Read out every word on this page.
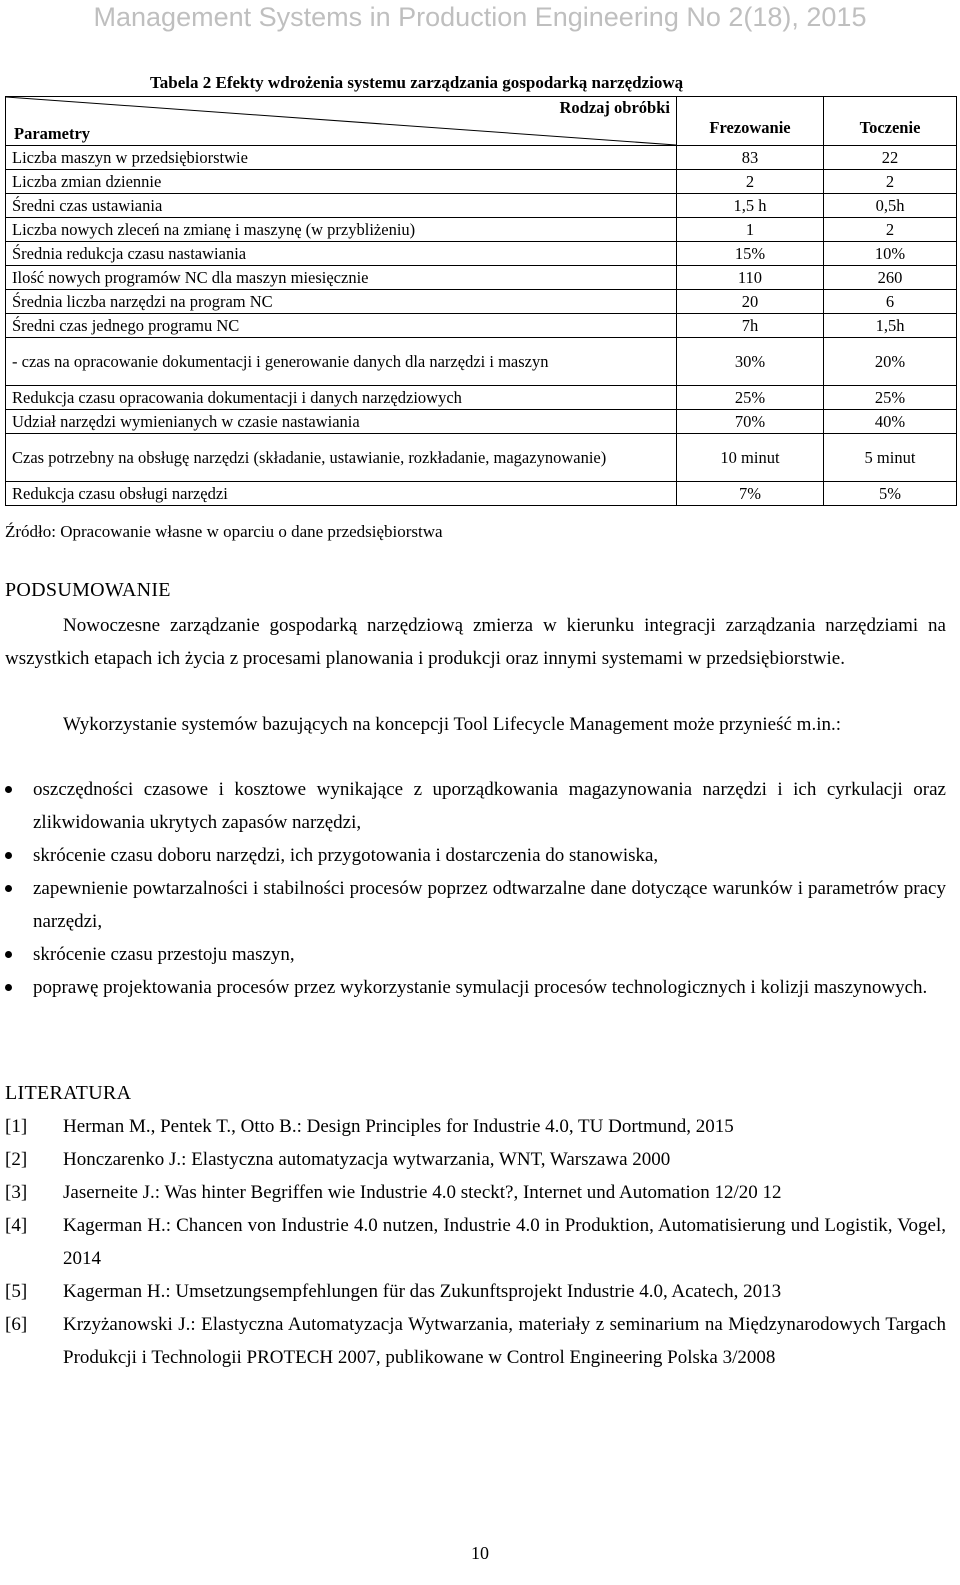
Management Systems in Production Engineering No 2(18), 2015
Tabela 2 Efekty wdrożenia systemu zarządzania gospodarką narzędziową
Rodzaj obróbki
Parametry	Frezowanie	Toczenie
Liczba maszyn w przedsiębiorstwie	83	22
Liczba zmian dziennie	2	2
Średni czas ustawiania	1,5 h	0,5h
Liczba nowych zleceń na zmianę i maszynę (w przybliżeniu)	1	2
Średnia redukcja czasu nastawiania	15%	10%
Ilość nowych programów NC dla maszyn miesięcznie	110	260
Średnia liczba narzędzi na program NC	20	6
Średni czas jednego programu NC	7h	1,5h
- czas na opracowanie dokumentacji i generowanie danych dla narzędzi i maszyn	30%	20%
Redukcja czasu opracowania dokumentacji i danych narzędziowych	25%	25%
Udział narzędzi wymienianych w czasie nastawiania	70%	40%
Czas potrzebny na obsługę narzędzi (składanie, ustawianie, rozkładanie, magazynowanie)	10 minut	5 minut
Redukcja czasu obsługi narzędzi	7%	5%
Źródło: Opracowanie własne w oparciu o dane przedsiębiorstwa
PODSUMOWANIE
Nowoczesne zarządzanie gospodarką narzędziową zmierza w kierunku integracji zarządzania narzędziami na wszystkich etapach ich życia z procesami planowania i produkcji oraz innymi systemami w przedsiębiorstwie.
Wykorzystanie systemów bazujących na koncepcji Tool Lifecycle Management może przynieść m.in.:
oszczędności czasowe i kosztowe wynikające z uporządkowania magazynowania narzędzi i ich cyrkulacji oraz zlikwidowania ukrytych zapasów narzędzi,
skrócenie czasu doboru narzędzi, ich przygotowania i dostarczenia do stanowiska,
zapewnienie powtarzalności i stabilności procesów poprzez odtwarzalne dane dotyczące warunków i parametrów pracy narzędzi,
skrócenie czasu przestoju maszyn,
poprawę projektowania procesów przez wykorzystanie symulacji procesów technologicznych i kolizji maszynowych.
LITERATURA
[1] Herman M., Pentek T., Otto B.: Design Principles for Industrie 4.0, TU Dortmund, 2015
[2] Honczarenko J.: Elastyczna automatyzacja wytwarzania, WNT, Warszawa 2000
[3] Jaserneite J.: Was hinter Begriffen wie Industrie 4.0 steckt?, Internet und Automation 12/20 12
[4] Kagerman H.: Chancen von Industrie 4.0 nutzen, Industrie 4.0 in Produktion, Automatisierung und Logistik, Vogel, 2014
[5] Kagerman H.: Umsetzungsempfehlungen für das Zukunftsprojekt Industrie 4.0, Acatech, 2013
[6] Krzyżanowski J.: Elastyczna Automatyzacja Wytwarzania, materiały z seminarium na Międzynarodowych Targach Produkcji i Technologii PROTECH 2007, publikowane w Control Engineering Polska 3/2008
10
